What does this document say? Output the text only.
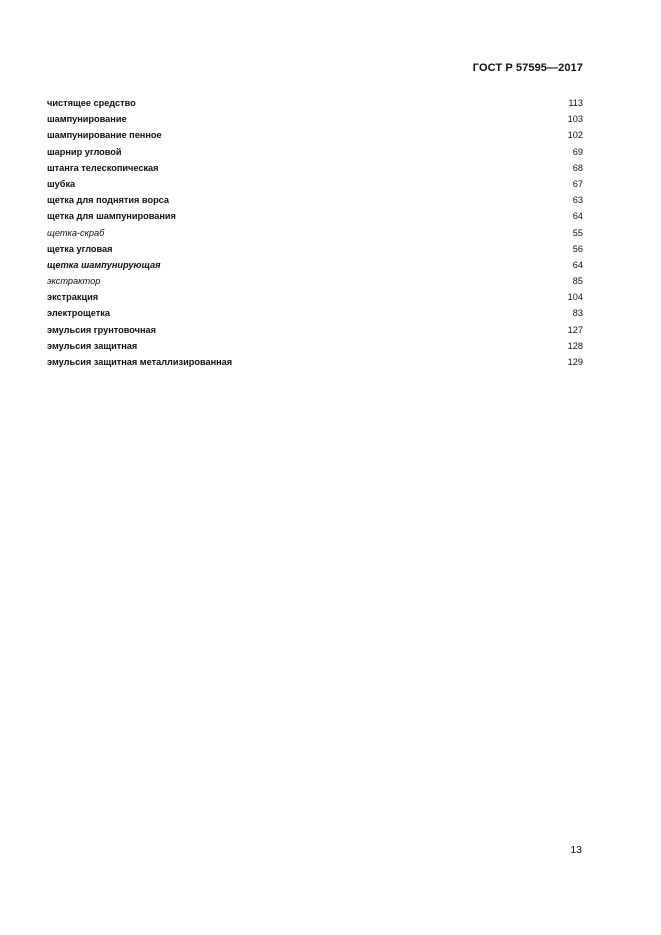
ГОСТ Р 57595—2017
чистящее средство	113
шампунирование	103
шампунирование пенное	102
шарнир угловой	69
штанга телескопическая	68
шубка	67
щетка для поднятия ворса	63
щетка для шампунирования	64
щетка-скраб	55
щетка угловая	56
щетка шампунирующая	64
экстрактор	85
экстракция	104
электрощетка	83
эмульсия грунтовочная	127
эмульсия защитная	128
эмульсия защитная металлизированная	129
13
